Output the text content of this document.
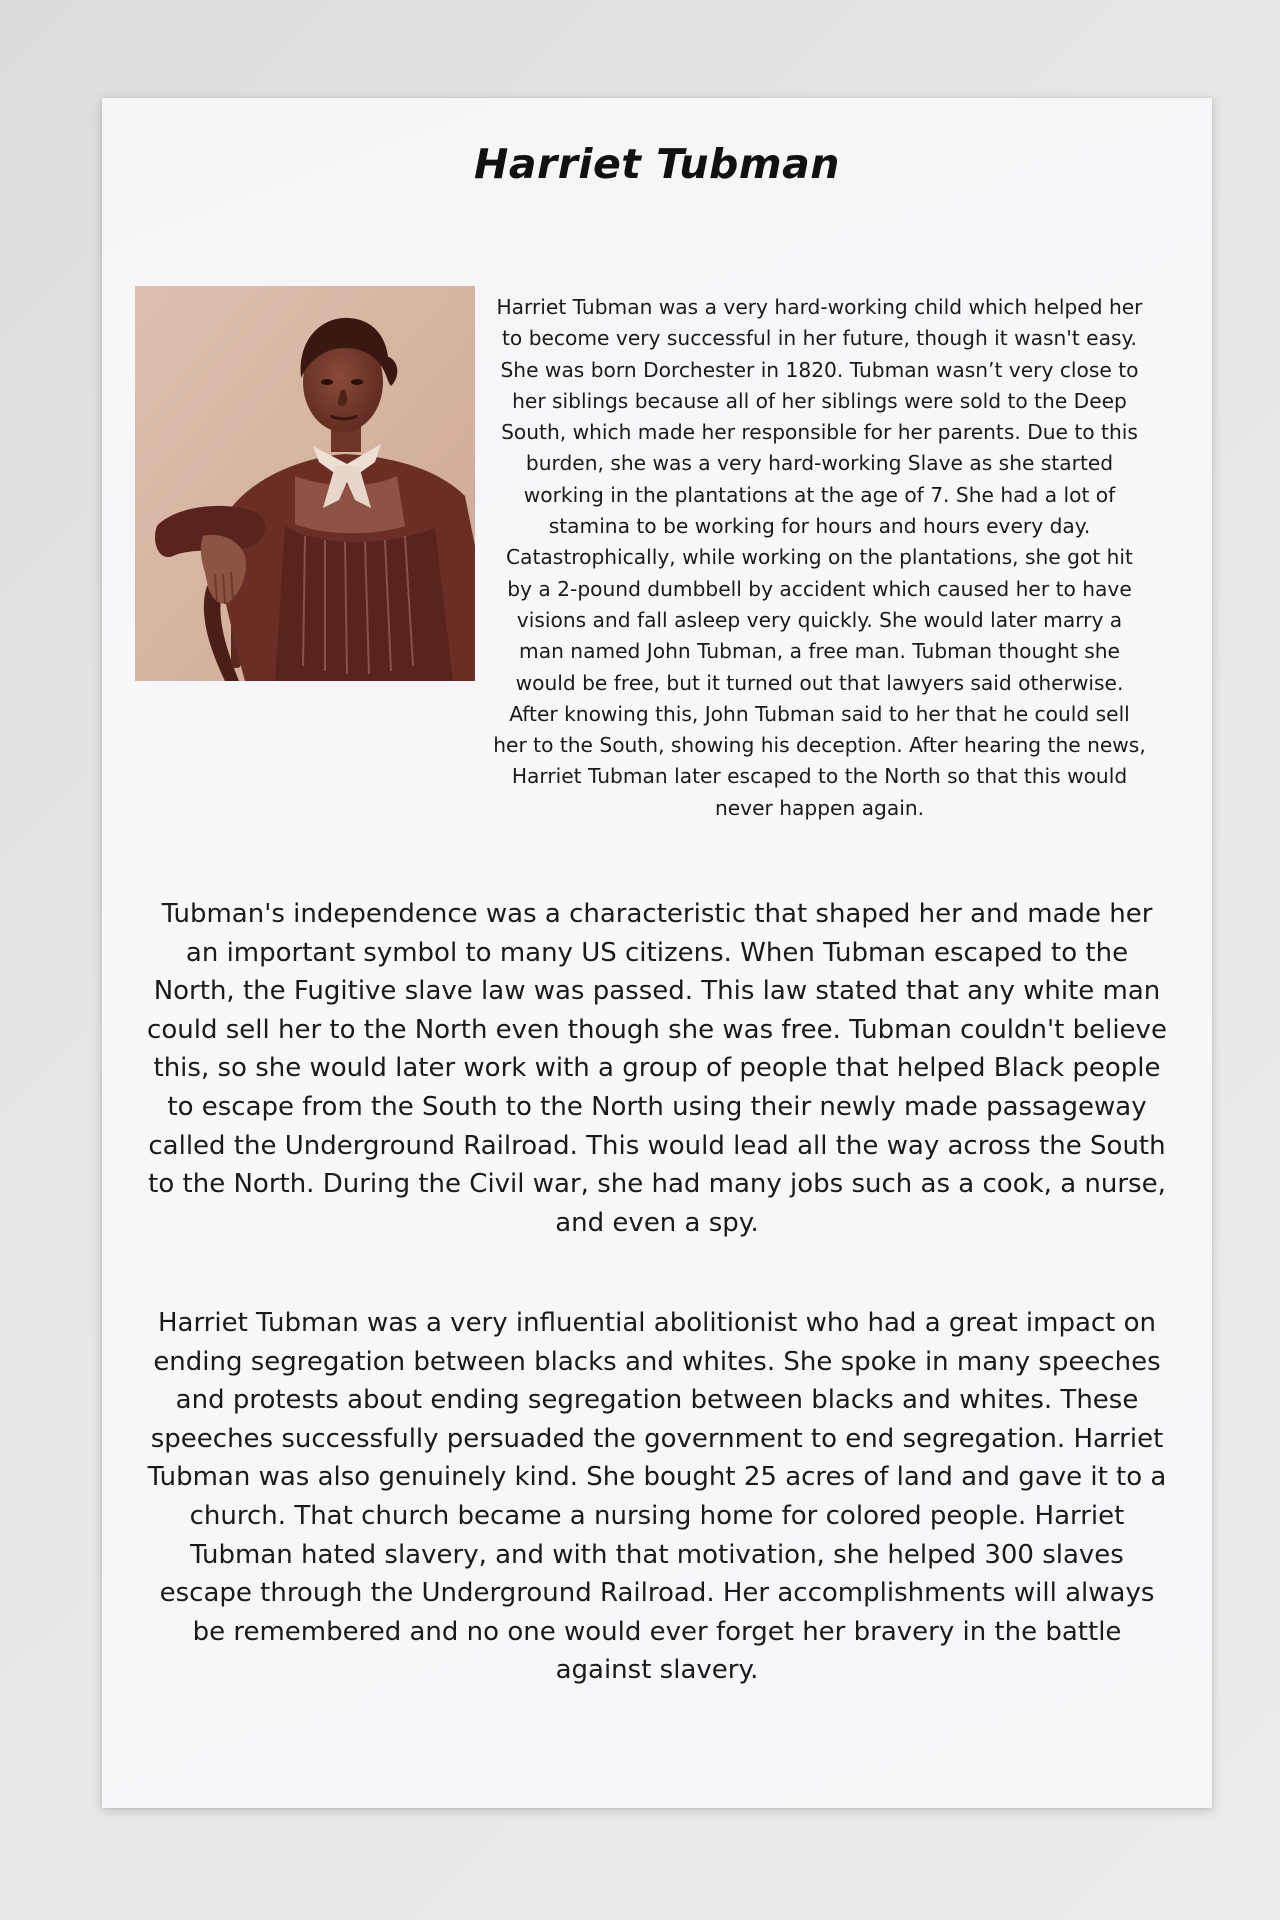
Harriet Tubman

Harriet Tubman was a very hard-working child which helped her to become very successful in her future, though it wasn't easy. She was born Dorchester in 1820. Tubman wasn’t very close to her siblings because all of her siblings were sold to the Deep South, which made her responsible for her parents. Due to this burden, she was a very hard-working Slave as she started working in the plantations at the age of 7. She had a lot of stamina to be working for hours and hours every day. Catastrophically, while working on the plantations, she got hit by a 2-pound dumbbell by accident which caused her to have visions and fall asleep very quickly. She would later marry a man named John Tubman, a free man. Tubman thought she would be free, but it turned out that lawyers said otherwise. After knowing this, John Tubman said to her that he could sell her to the South, showing his deception. After hearing the news, Harriet Tubman later escaped to the North so that this would never happen again.

Tubman's independence was a characteristic that shaped her and made her an important symbol to many US citizens. When Tubman escaped to the North, the Fugitive slave law was passed. This law stated that any white man could sell her to the North even though she was free. Tubman couldn't believe this, so she would later work with a group of people that helped Black people to escape from the South to the North using their newly made passageway called the Underground Railroad. This would lead all the way across the South to the North. During the Civil war, she had many jobs such as a cook, a nurse, and even a spy.

Harriet Tubman was a very influential abolitionist who had a great impact on ending segregation between blacks and whites. She spoke in many speeches and protests about ending segregation between blacks and whites. These speeches successfully persuaded the government to end segregation. Harriet Tubman was also genuinely kind. She bought 25 acres of land and gave it to a church. That church became a nursing home for colored people. Harriet Tubman hated slavery, and with that motivation, she helped 300 slaves escape through the Underground Railroad. Her accomplishments will always be remembered and no one would ever forget her bravery in the battle against slavery.
